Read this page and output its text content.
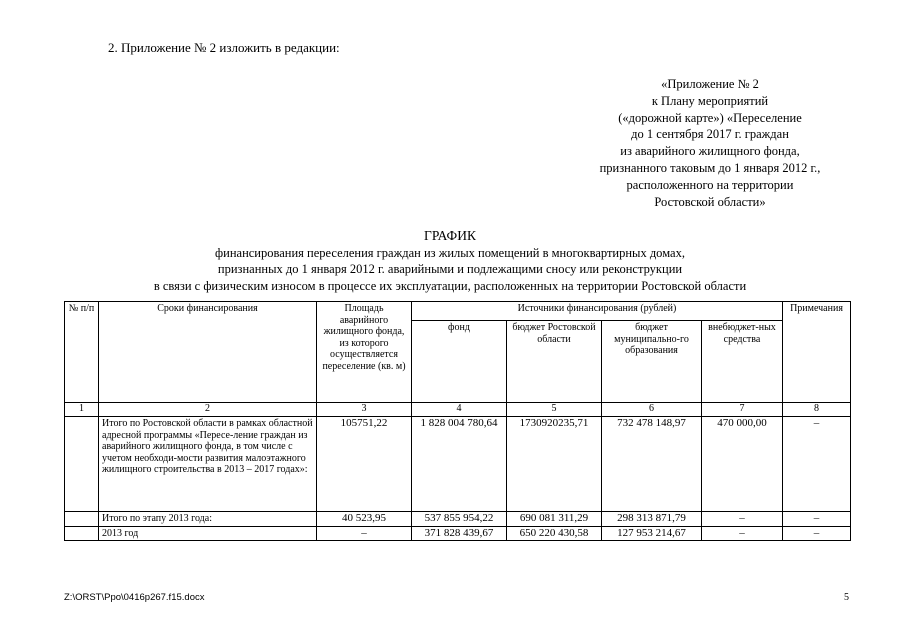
2. Приложение № 2 изложить в редакции:
«Приложение № 2
к Плану мероприятий
(«дорожной карте») «Переселение
до 1 сентября 2017 г. граждан
из аварийного жилищного фонда,
признанного таковым до 1 января 2012 г.,
расположенного на территории
Ростовской области»
ГРАФИК
финансирования переселения граждан из жилых помещений в многоквартирных домах,
признанных до 1 января 2012 г. аварийными и подлежащими сносу или реконструкции
в связи с физическим износом в процессе их эксплуатации, расположенных на территории Ростовской области
№ п/п	Сроки финансирования	Площадь аварийного жилищного фонда, из которого осуществляется переселение (кв. м)	Источники финансирования (рублей)				Примечания
			фонд	бюджет Ростовской области	бюджет муниципально-го образования	внебюджет-ных средства	
1	2	3	4	5	6	7	8
	Итого по Ростовской области в рамках областной адресной программы «Пересе-ление граждан из аварийного жилищного фонда, в том числе с учетом необходи-мости развития малоэтажного жилищного строительства в 2013 – 2017 годах»:	105751,22	1 828 004 780,64	1730920235,71	732 478 148,97	470 000,00	–
	Итого по этапу 2013 года:	40 523,95	537 855 954,22	690 081 311,29	298 313 871,79	–	–
	2013 год	–	371 828 439,67	650 220 430,58	127 953 214,67	–	–
Z:\ORST\Ppo\0416p267.f15.docx	5
